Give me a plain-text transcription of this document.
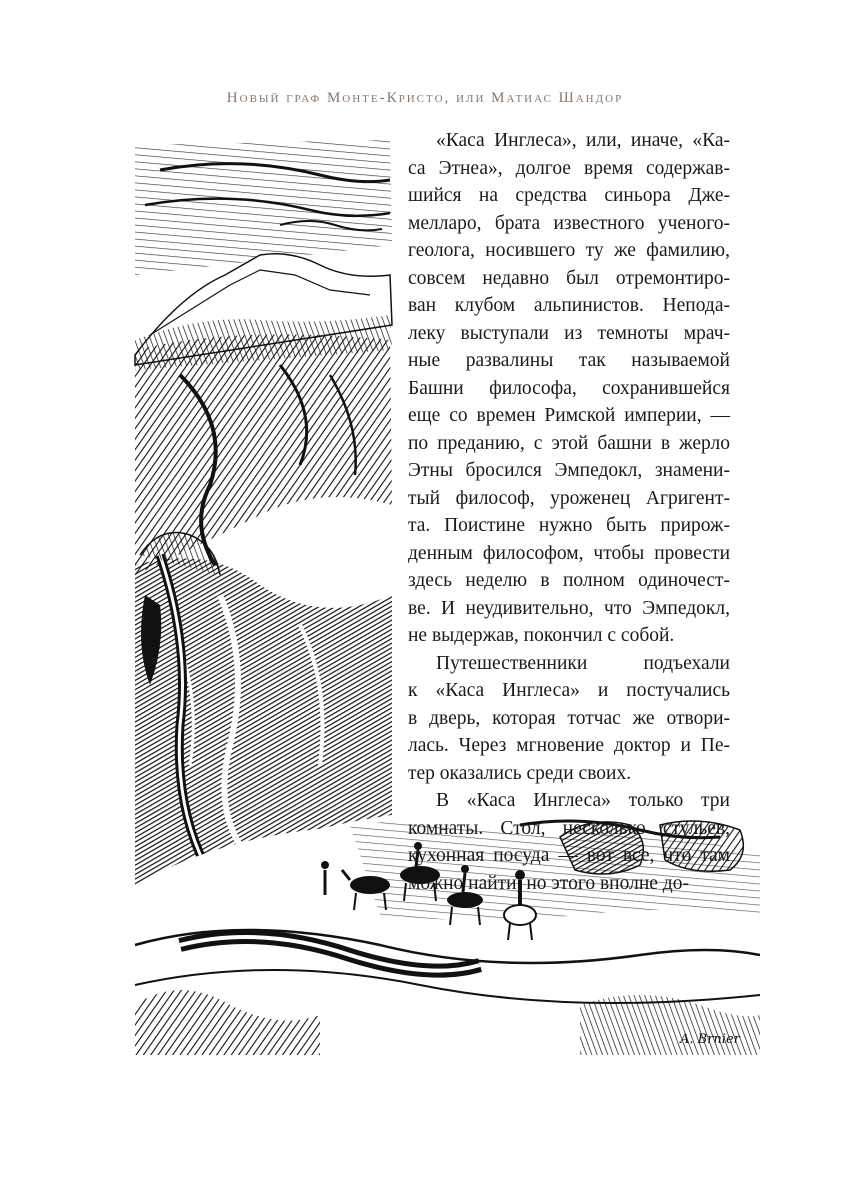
Новый граф Монте-Кристо, или Матиас Шандор
A. Brnier

«Каса Инглеса», или, иначе, «Ка-
са Этнеа», долгое время содержав-
шийся на средства синьора Дже-
мелларо, брата известного ученого-
геолога, носившего ту же фамилию,
совсем недавно был отремонтиро-
ван клубом альпинистов. Непода-
леку выступали из темноты мрач-
ные развалины так называемой
Башни философа, сохранившейся
еще со времен Римской империи, —
по преданию, с этой башни в жерло
Этны бросился Эмпедокл, знамени-
тый философ, уроженец Агригент-
та. Поистине нужно быть прирож-
денным философом, чтобы провести
здесь неделю в полном одиночест-
ве. И неудивительно, что Эмпедокл,
не выдержав, покончил с собой.

Путешественники подъехали
к «Каса Инглеса» и постучались
в дверь, которая тотчас же отвори-
лась. Через мгновение доктор и Пе-
тер оказались среди своих.

В «Каса Инглеса» только три
комнаты. Стол, несколько стульев,
кухонная посуда — вот все, что там
можно найти, но этого вполне до-
